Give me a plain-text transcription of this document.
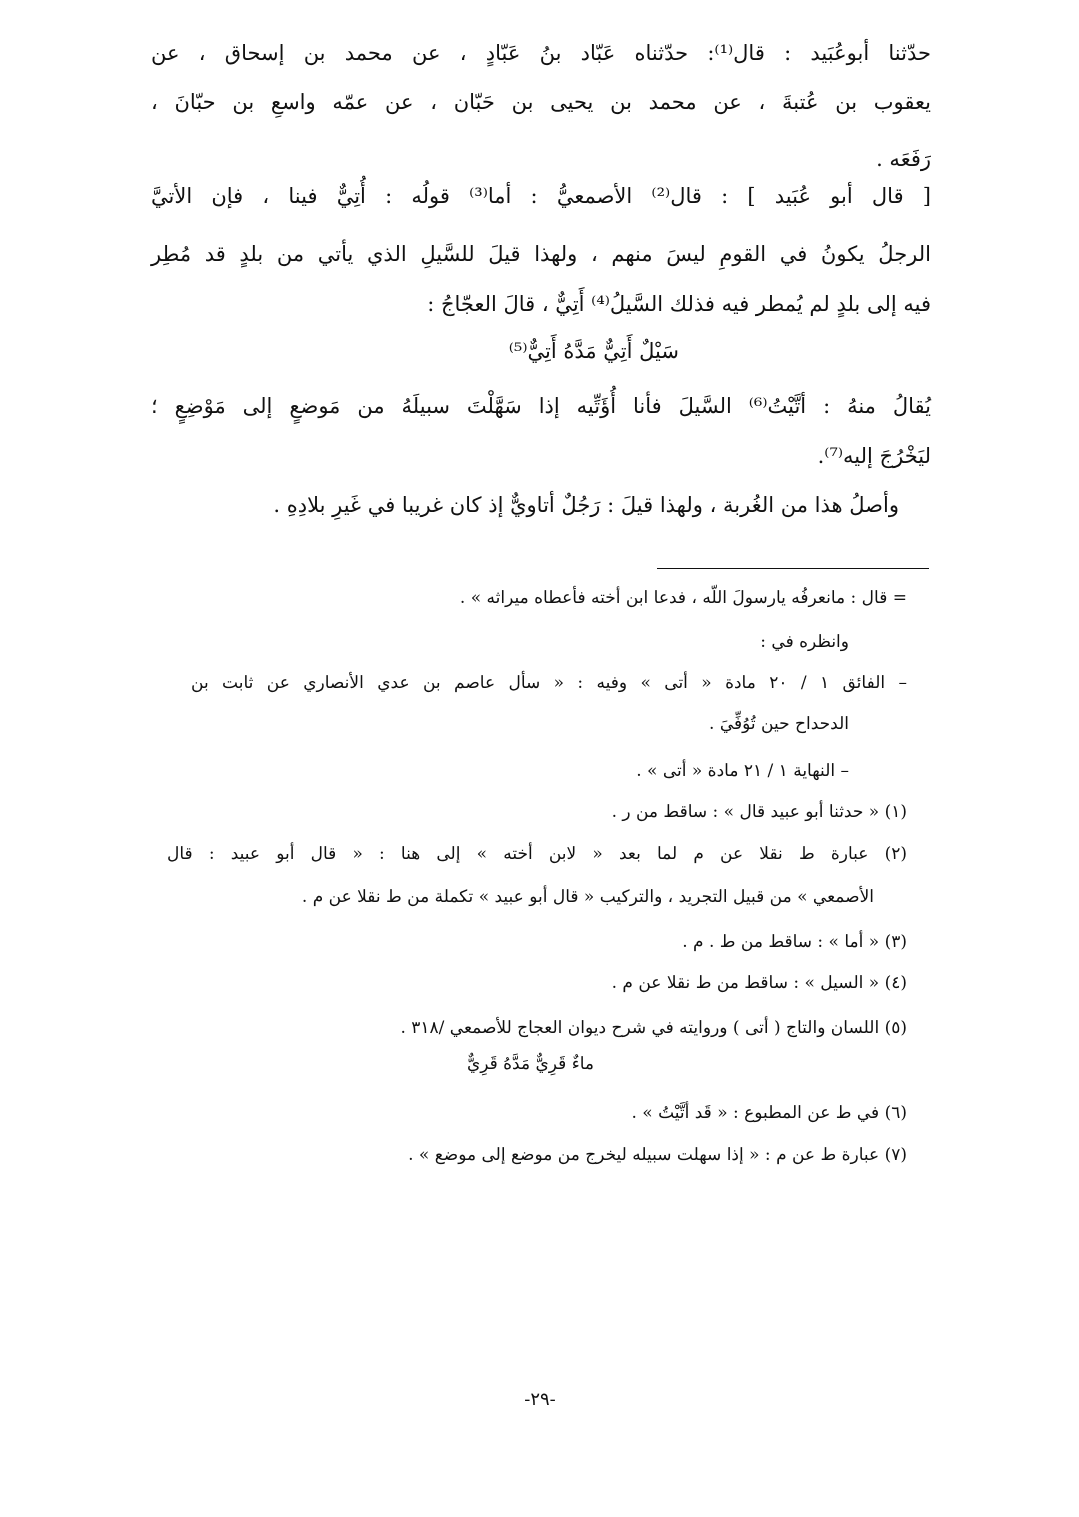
حدّثنا أبوعُبَيد : قال⁽¹⁾: حدّثناه عَبّاد بنُ عَبّادٍ ، عن محمد بن إسحاق ، عن
يعقوب بن عُتبةَ ، عن محمد بن يحيى بن حَبّان ، عن عمّه واسعِ بن حبّانَ ،
رَفَعَه .
[ قال أبو عُبَيد ] : قال⁽²⁾ الأصمعيُّ : أما⁽³⁾ قولُه : أُتِيٌّ فينا ، فإن الأتيَّ
الرجلُ يكونُ في القومِ ليسَ منهم ، ولهذا قيلَ للسَّيلِ الذي يأتي من بلدٍ قد مُطِر
فيه إلى بلدٍ لم يُمطر فيه فذلك السَّيلُ⁽⁴⁾ أَتِيٌّ ، قالَ العجّاجُ :
سَيْلٌ أَتِيٌّ مَدَّهُ أَتِيٌّ⁽⁵⁾
يُقالُ منهُ : أتَّيْتُ⁽⁶⁾ السَّيلَ فأنا أُؤَتِّيه إذا سَهَّلْتَ سبيلَهُ من مَوضعٍ إلى مَوْضِعٍ ؛
ليَخْرُجَ إليه⁽⁷⁾.
وأصلُ هذا من الغُربة ، ولهذا قيلَ : رَجُلٌ أتاويٌّ إذ كان غريبا في غَيرِ بلادِهِ .
= قال : مانعرفُه يارسولَ اللّه ، فدعا ابن أخته فأعطاه ميراثه » .
وانظره في :
– الفائق ١ / ٢٠ مادة « أتى » وفيه : « سأل عاصم بن عدي الأنصاري عن ثابت بن
الدحداح حين تُوُفِّيَ .
– النهاية ١ / ٢١ مادة « أتى » .
(١) « حدثنا أبو عبيد قال » : ساقط من ر .
(٢) عبارة ط نقلا عن م لما بعد « لابن أخته » إلى هنا : « قال أبو عبيد : قال
الأصمعي » من قبيل التجريد ، والتركيب « قال أبو عبيد » تكملة من ط نقلا عن م .
(٣) « أما » : ساقط من ط . م .
(٤) « السيل » : ساقط من ط نقلا عن م .
(٥) اللسان والتاج ( أتى ) وروايته في شرح ديوان العجاج للأصمعي /٣١٨ .
ماءٌ قَرِيٌّ مَدَّهُ قَرِيٌّ
(٦) في ط عن المطبوع : « قَد أتَّيْتُ » .
(٧) عبارة ط عن م : « إذا سهلت سبيله ليخرج من موضع إلى موضع » .
-٢٩-
